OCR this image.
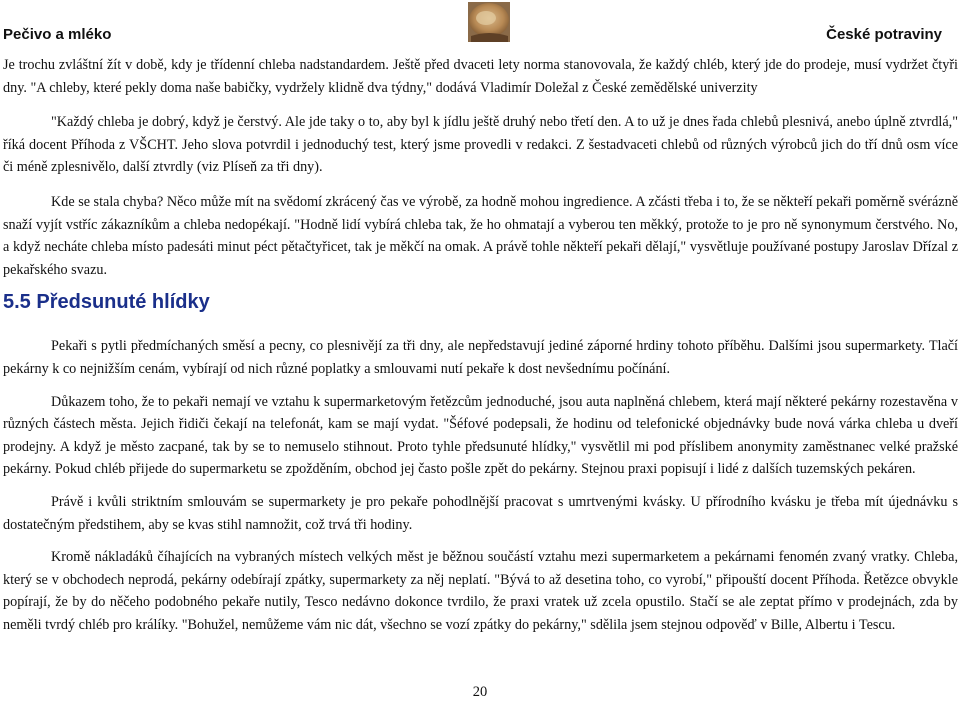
Pečivo a mléko	České potraviny

Je trochu zvláštní žít v době, kdy je třídenní chleba nadstandardem. Ještě před dvaceti lety norma stanovovala, že každý chléb, který jde do prodeje, musí vydržet čtyři dny. "A chleby, které pekly doma naše babičky, vydržely klidně dva týdny," dodává Vladimír Doležal z České zemědělské univerzity

"Každý chleba je dobrý, když je čerstvý. Ale jde taky o to, aby byl k jídlu ještě druhý nebo třetí den. A to už je dnes řada chlebů plesnivá, anebo úplně ztvrdlá," říká docent Příhoda z VŠCHT. Jeho slova potvrdil i jednoduchý test, který jsme provedli v redakci. Z šestadvaceti chlebů od různých výrobců jich do tří dnů osm více či méně zplesnivělo, další ztvrdly (viz Plíseň za tři dny).

Kde se stala chyba? Něco může mít na svědomí zkrácený čas ve výrobě, za hodně mohou ingredience. A zčásti třeba i to, že se někteří pekaři poměrně svérázně snaží vyjít vstříc zákazníkům a chleba nedopékají. "Hodně lidí vybírá chleba tak, že ho ohmatají a vyberou ten měkký, protože to je pro ně synonymum čerstvého. No, a když necháte chleba místo padesáti minut péct pětačtyřicet, tak je měkčí na omak. A právě tohle někteří pekaři dělají," vysvětluje používané postupy Jaroslav Dřízal z pekařského svazu.

5.5 Předsunuté hlídky

Pekaři s pytli předmíchaných směsí a pecny, co plesnivějí za tři dny, ale nepředstavují jediné záporné hrdiny tohoto příběhu. Dalšími jsou supermarkety. Tlačí pekárny k co nejnižším cenám, vybírají od nich různé poplatky a smlouvami nutí pekaře k dost nevšednímu počínání.

Důkazem toho, že to pekaři nemají ve vztahu k supermarketovým řetězcům jednoduché, jsou auta naplněná chlebem, která mají některé pekárny rozestavěna v různých částech města. Jejich řidiči čekají na telefonát, kam se mají vydat. "Šéfové podepsali, že hodinu od telefonické objednávky bude nová várka chleba u dveří prodejny. A když je město zacpané, tak by se to nemuselo stihnout. Proto tyhle předsunuté hlídky," vysvětlil mi pod příslibem anonymity zaměstnanec velké pražské pekárny. Pokud chléb přijede do supermarketu se zpožděním, obchod jej často pošle zpět do pekárny. Stejnou praxi popisují i lidé z dalších tuzemských pekáren.

Právě i kvůli striktním smlouvám se supermarkety je pro pekaře pohodlnější pracovat s umrtvenými kvásky. U přírodního kvásku je třeba mít újednávku s dostatečným předstihem, aby se kvas stihl namnožit, což trvá tři hodiny.

Kromě nákladáků číhajících na vybraných místech velkých měst je běžnou součástí vztahu mezi supermarketem a pekárnami fenomén zvaný vratky. Chleba, který se v obchodech neprodá, pekárny odebírají zpátky, supermarkety za něj neplatí. "Bývá to až desetina toho, co vyrobí," připouští docent Příhoda. Řetězce obvykle popírají, že by do něčeho podobného pekaře nutily, Tesco nedávno dokonce tvrdilo, že praxi vratek už zcela opustilo. Stačí se ale zeptat přímo v prodejnách, zda by neměli tvrdý chléb pro králíky. "Bohužel, nemůžeme vám nic dát, všechno se vozí zpátky do pekárny," sdělila jsem stejnou odpověď v Bille, Albertu i Tescu.

20
